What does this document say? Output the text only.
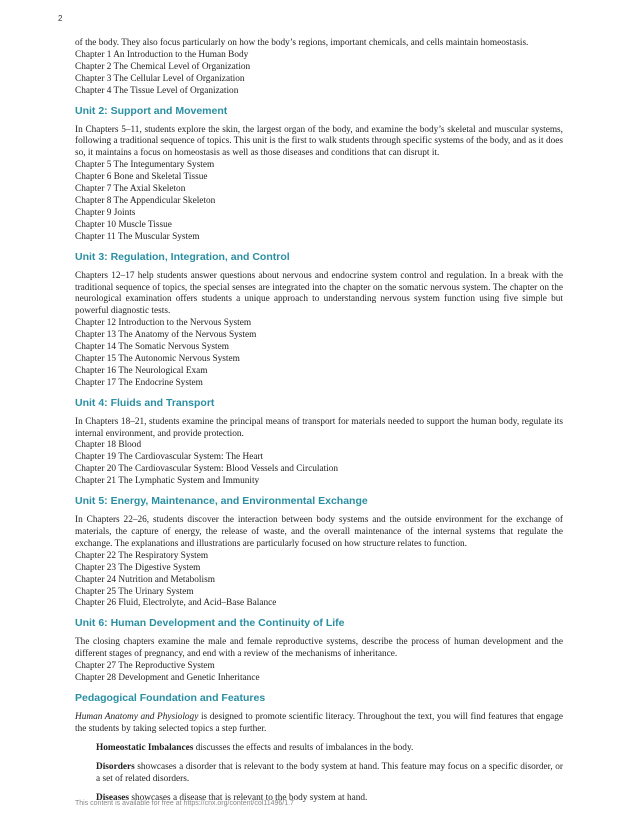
2

of the body. They also focus particularly on how the body’s regions, important chemicals, and cells maintain homeostasis.

Chapter 1 An Introduction to the Human Body

Chapter 2 The Chemical Level of Organization

Chapter 3 The Cellular Level of Organization

Chapter 4 The Tissue Level of Organization

Unit 2: Support and Movement

In Chapters 5–11, students explore the skin, the largest organ of the body, and examine the body’s skeletal and muscular systems, following a traditional sequence of topics. This unit is the first to walk students through specific systems of the body, and as it does so, it maintains a focus on homeostasis as well as those diseases and conditions that can disrupt it.

Chapter 5 The Integumentary System

Chapter 6 Bone and Skeletal Tissue

Chapter 7 The Axial Skeleton

Chapter 8 The Appendicular Skeleton

Chapter 9 Joints

Chapter 10 Muscle Tissue

Chapter 11 The Muscular System

Unit 3: Regulation, Integration, and Control

Chapters 12–17 help students answer questions about nervous and endocrine system control and regulation. In a break with the traditional sequence of topics, the special senses are integrated into the chapter on the somatic nervous system. The chapter on the neurological examination offers students a unique approach to understanding nervous system function using five simple but powerful diagnostic tests.

Chapter 12 Introduction to the Nervous System

Chapter 13 The Anatomy of the Nervous System

Chapter 14 The Somatic Nervous System

Chapter 15 The Autonomic Nervous System

Chapter 16 The Neurological Exam

Chapter 17 The Endocrine System

Unit 4: Fluids and Transport

In Chapters 18–21, students examine the principal means of transport for materials needed to support the human body, regulate its internal environment, and provide protection.

Chapter 18 Blood

Chapter 19 The Cardiovascular System: The Heart

Chapter 20 The Cardiovascular System: Blood Vessels and Circulation

Chapter 21 The Lymphatic System and Immunity

Unit 5: Energy, Maintenance, and Environmental Exchange

In Chapters 22–26, students discover the interaction between body systems and the outside environment for the exchange of materials, the capture of energy, the release of waste, and the overall maintenance of the internal systems that regulate the exchange. The explanations and illustrations are particularly focused on how structure relates to function.

Chapter 22 The Respiratory System

Chapter 23 The Digestive System

Chapter 24 Nutrition and Metabolism

Chapter 25 The Urinary System

Chapter 26 Fluid, Electrolyte, and Acid–Base Balance

Unit 6: Human Development and the Continuity of Life

The closing chapters examine the male and female reproductive systems, describe the process of human development and the different stages of pregnancy, and end with a review of the mechanisms of inheritance.

Chapter 27 The Reproductive System

Chapter 28 Development and Genetic Inheritance

Pedagogical Foundation and Features

Human Anatomy and Physiology is designed to promote scientific literacy. Throughout the text, you will find features that engage the students by taking selected topics a step further.

Homeostatic Imbalances discusses the effects and results of imbalances in the body.

Disorders showcases a disorder that is relevant to the body system at hand. This feature may focus on a specific disorder, or a set of related disorders.

Diseases showcases a disease that is relevant to the body system at hand.

This content is available for free at https://cnx.org/content/col11496/1.7
